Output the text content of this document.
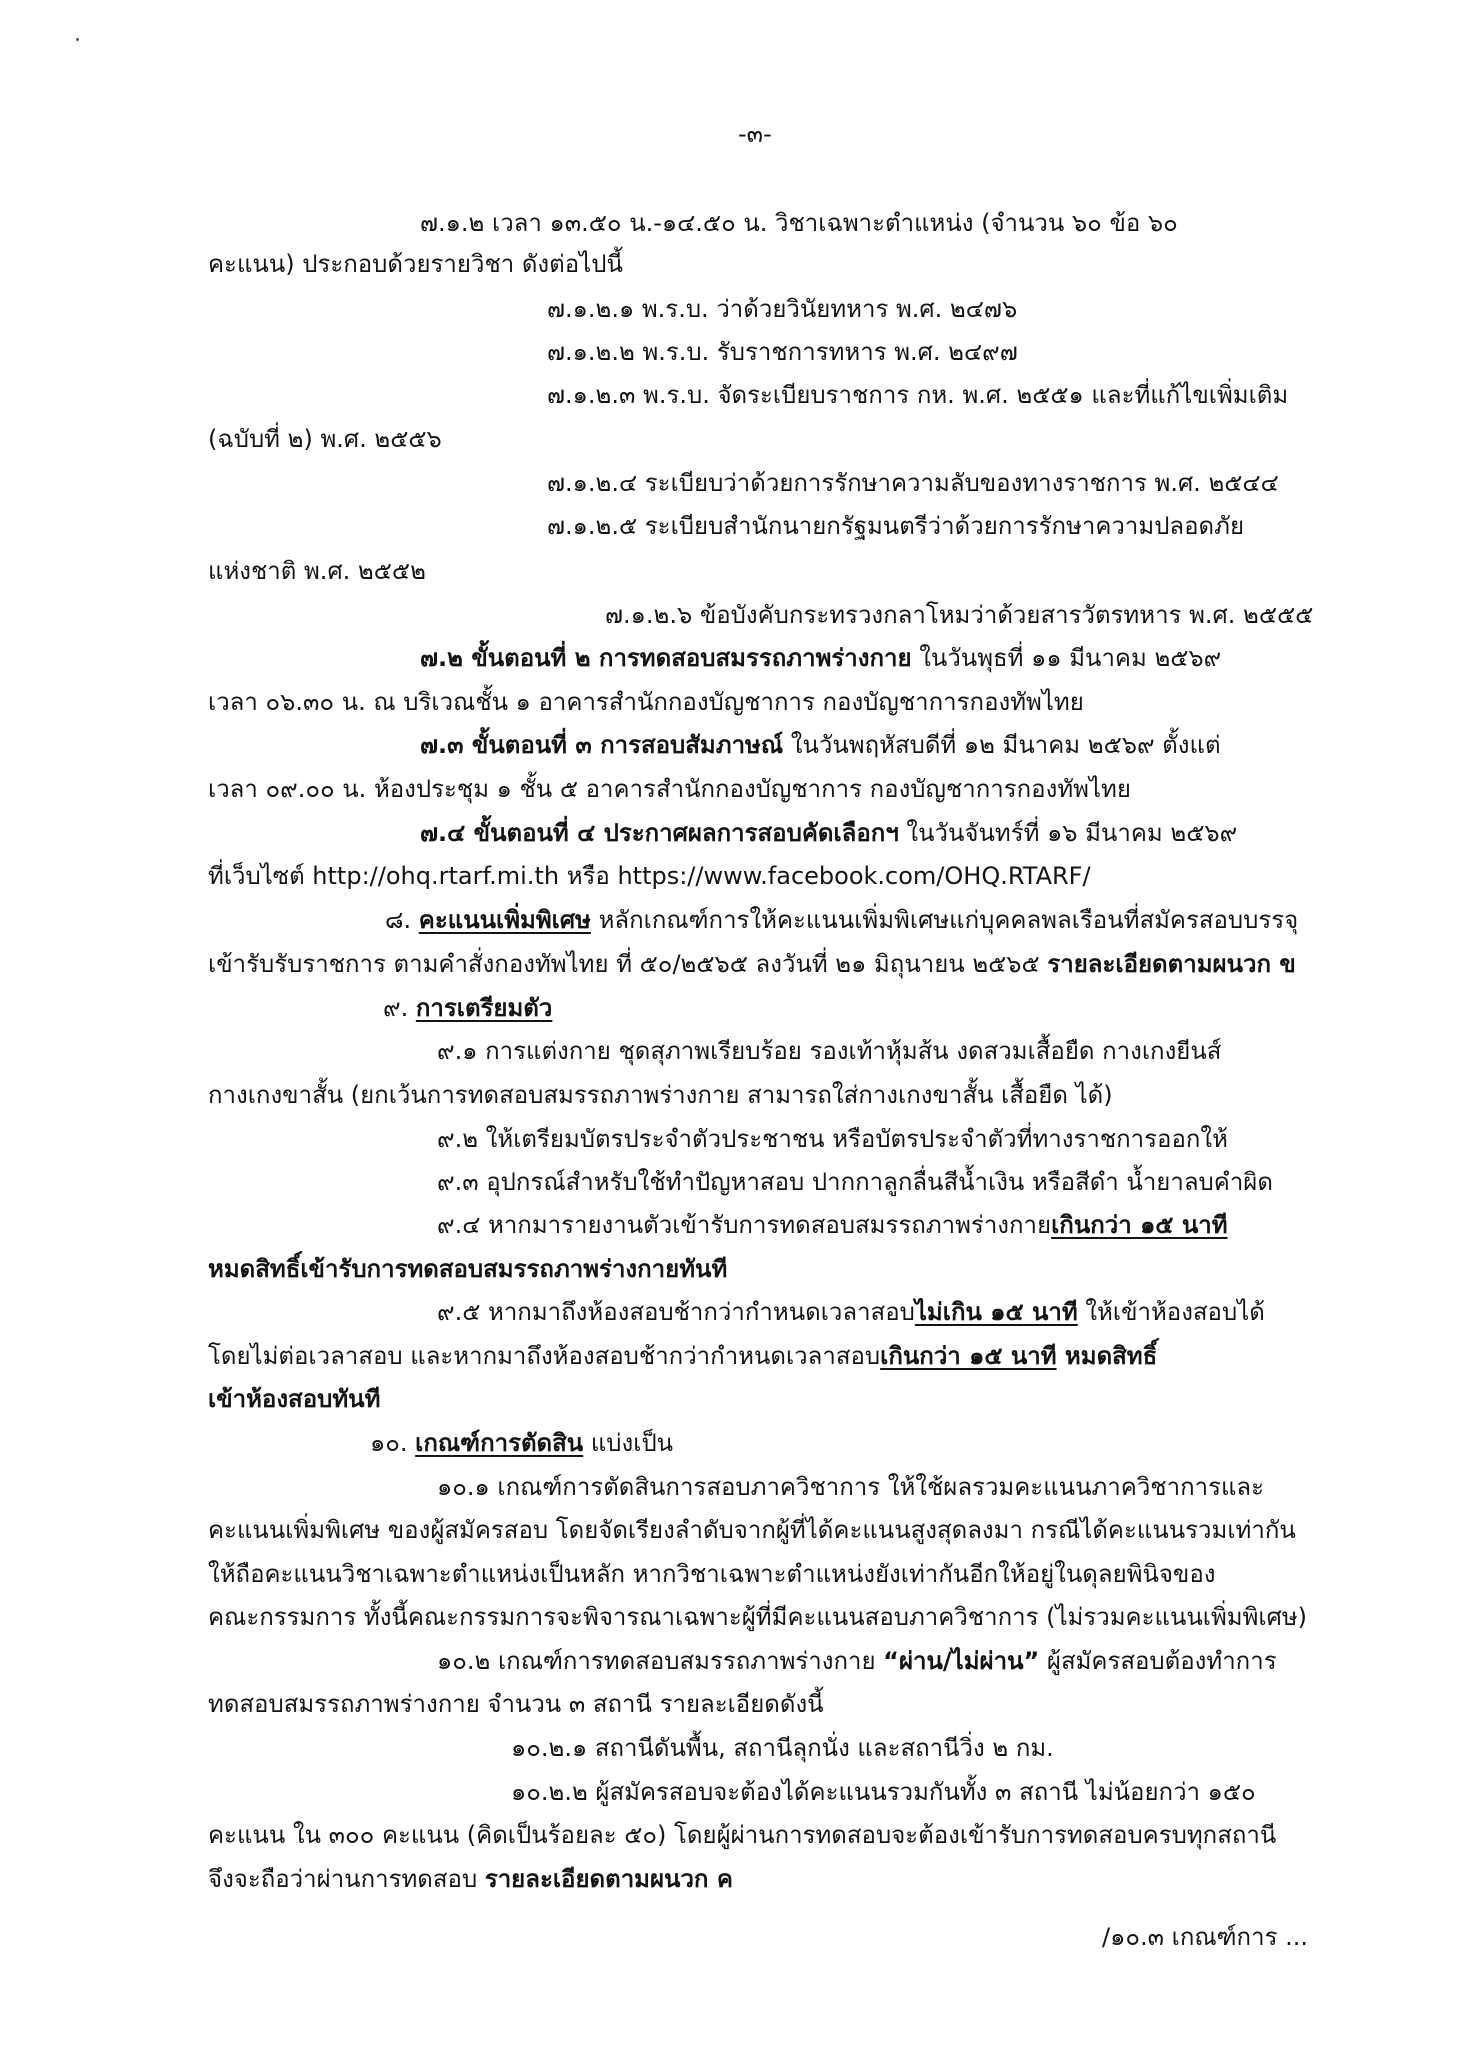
-๓-
๗.๑.๒ เวลา ๑๓.๕๐ น.-๑๔.๕๐ น. วิชาเฉพาะตำแหน่ง (จำนวน ๖๐ ข้อ ๖๐
คะแนน) ประกอบด้วยรายวิชา ดังต่อไปนี้
๗.๑.๒.๑ พ.ร.บ. ว่าด้วยวินัยทหาร พ.ศ. ๒๔๗๖
๗.๑.๒.๒ พ.ร.บ. รับราชการทหาร พ.ศ. ๒๔๙๗
๗.๑.๒.๓ พ.ร.บ. จัดระเบียบราชการ กห. พ.ศ. ๒๕๕๑ และที่แก้ไขเพิ่มเติม
(ฉบับที่ ๒) พ.ศ. ๒๕๕๖
๗.๑.๒.๔ ระเบียบว่าด้วยการรักษาความลับของทางราชการ พ.ศ. ๒๕๔๔
๗.๑.๒.๕ ระเบียบสำนักนายกรัฐมนตรีว่าด้วยการรักษาความปลอดภัย
แห่งชาติ พ.ศ. ๒๕๕๒
๗.๑.๒.๖ ข้อบังคับกระทรวงกลาโหมว่าด้วยสารวัตรทหาร พ.ศ. ๒๕๕๕
๗.๒ ขั้นตอนที่ ๒ การทดสอบสมรรถภาพร่างกาย ในวันพุธที่ ๑๑ มีนาคม ๒๕๖๙
เวลา ๐๖.๓๐ น. ณ บริเวณชั้น ๑ อาคารสำนักกองบัญชาการ กองบัญชาการกองทัพไทย
๗.๓ ขั้นตอนที่ ๓ การสอบสัมภาษณ์ ในวันพฤหัสบดีที่ ๑๒ มีนาคม ๒๕๖๙ ตั้งแต่
เวลา ๐๙.๐๐ น. ห้องประชุม ๑ ชั้น ๕ อาคารสำนักกองบัญชาการ กองบัญชาการกองทัพไทย
๗.๔ ขั้นตอนที่ ๔ ประกาศผลการสอบคัดเลือกฯ ในวันจันทร์ที่ ๑๖ มีนาคม ๒๕๖๙
ที่เว็บไซต์ http://ohq.rtarf.mi.th หรือ https://www.facebook.com/OHQ.RTARF/
๘. คะแนนเพิ่มพิเศษ หลักเกณฑ์การให้คะแนนเพิ่มพิเศษแก่บุคคลพลเรือนที่สมัครสอบบรรจุ
เข้ารับรับราชการ ตามคำสั่งกองทัพไทย ที่ ๕๐/๒๕๖๕ ลงวันที่ ๒๑ มิถุนายน ๒๕๖๕ รายละเอียดตามผนวก ข
๙. การเตรียมตัว
๙.๑ การแต่งกาย ชุดสุภาพเรียบร้อย รองเท้าหุ้มส้น งดสวมเสื้อยืด กางเกงยีนส์
กางเกงขาสั้น (ยกเว้นการทดสอบสมรรถภาพร่างกาย สามารถใส่กางเกงขาสั้น เสื้อยืด ได้)
๙.๒ ให้เตรียมบัตรประจำตัวประชาชน หรือบัตรประจำตัวที่ทางราชการออกให้
๙.๓ อุปกรณ์สำหรับใช้ทำปัญหาสอบ ปากกาลูกลื่นสีน้ำเงิน หรือสีดำ น้ำยาลบคำผิด
๙.๔ หากมารายงานตัวเข้ารับการทดสอบสมรรถภาพร่างกายเกินกว่า ๑๕ นาที
หมดสิทธิ์เข้ารับการทดสอบสมรรถภาพร่างกายทันที
๙.๕ หากมาถึงห้องสอบช้ากว่ากำหนดเวลาสอบไม่เกิน ๑๕ นาที ให้เข้าห้องสอบได้
โดยไม่ต่อเวลาสอบ และหากมาถึงห้องสอบช้ากว่ากำหนดเวลาสอบเกินกว่า ๑๕ นาที หมดสิทธิ์
เข้าห้องสอบทันที
๑๐. เกณฑ์การตัดสิน แบ่งเป็น
๑๐.๑ เกณฑ์การตัดสินการสอบภาควิชาการ ให้ใช้ผลรวมคะแนนภาควิชาการและ
คะแนนเพิ่มพิเศษ ของผู้สมัครสอบ โดยจัดเรียงลำดับจากผู้ที่ได้คะแนนสูงสุดลงมา กรณีได้คะแนนรวมเท่ากัน
ให้ถือคะแนนวิชาเฉพาะตำแหน่งเป็นหลัก หากวิชาเฉพาะตำแหน่งยังเท่ากันอีกให้อยู่ในดุลยพินิจของ
คณะกรรมการ ทั้งนี้คณะกรรมการจะพิจารณาเฉพาะผู้ที่มีคะแนนสอบภาควิชาการ (ไม่รวมคะแนนเพิ่มพิเศษ)
๑๐.๒ เกณฑ์การทดสอบสมรรถภาพร่างกาย “ผ่าน/ไม่ผ่าน” ผู้สมัครสอบต้องทำการ
ทดสอบสมรรถภาพร่างกาย จำนวน ๓ สถานี รายละเอียดดังนี้
๑๐.๒.๑ สถานีดันพื้น, สถานีลุกนั่ง และสถานีวิ่ง ๒ กม.
๑๐.๒.๒ ผู้สมัครสอบจะต้องได้คะแนนรวมกันทั้ง ๓ สถานี ไม่น้อยกว่า ๑๕๐
คะแนน ใน ๓๐๐ คะแนน (คิดเป็นร้อยละ ๕๐) โดยผู้ผ่านการทดสอบจะต้องเข้ารับการทดสอบครบทุกสถานี
จึงจะถือว่าผ่านการทดสอบ รายละเอียดตามผนวก ค
/๑๐.๓ เกณฑ์การ ...
